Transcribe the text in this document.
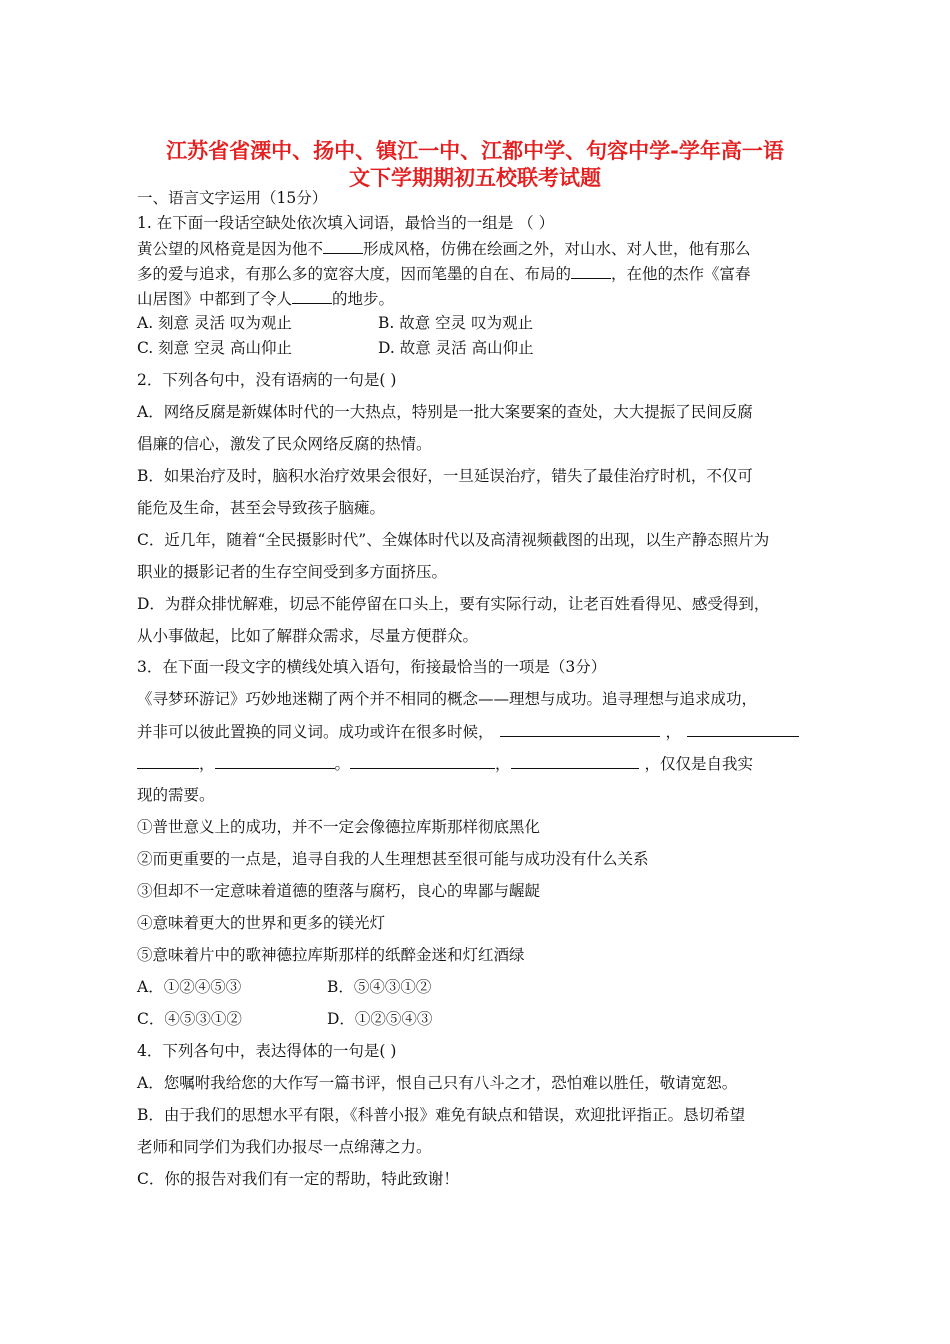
江苏省省溧中、扬中、镇江一中、江都中学、句容中学-学年高一语
文下学期期初五校联考试题
一、语言文字运用（15分）
1. 在下面一段话空缺处依次填入词语，最恰当的一组是 （ ）
黄公望的风格竟是因为他不	形成风格，仿佛在绘画之外，对山水、对人世，他有那么
多的爱与追求，有那么多的宽容大度，因而笔墨的自在、布局的	，在他的杰作《富春
山居图》中都到了令人	的地步。
A. 刻意 灵活 叹为观止	B. 故意 空灵 叹为观止
C. 刻意 空灵 高山仰止	D. 故意 灵活 高山仰止
2．下列各句中，没有语病的一句是( )
A．网络反腐是新媒体时代的一大热点，特别是一批大案要案的查处，大大提振了民间反腐
倡廉的信心，激发了民众网络反腐的热情。
B．如果治疗及时，脑积水治疗效果会很好，一旦延误治疗，错失了最佳治疗时机，不仅可
能危及生命，甚至会导致孩子脑瘫。
C．近几年，随着“全民摄影时代”、全媒体时代以及高清视频截图的出现，以生产静态照片为
职业的摄影记者的生存空间受到多方面挤压。
D．为群众排忧解难，切忌不能停留在口头上，要有实际行动，让老百姓看得见、感受得到，
从小事做起，比如了解群众需求，尽量方便群众。
3．在下面一段文字的横线处填入语句，衔接最恰当的一项是（3分）
《寻梦环游记》巧妙地迷糊了两个并不相同的概念——理想与成功。追寻理想与追求成功，
并非可以彼此置换的同义词。成功或许在很多时候，	，
，	。	，	，仅仅是自我实
现的需要。
①普世意义上的成功，并不一定会像德拉库斯那样彻底黑化
②而更重要的一点是，追寻自我的人生理想甚至很可能与成功没有什么关系
③但却不一定意味着道德的堕落与腐朽，良心的卑鄙与龌龊
④意味着更大的世界和更多的镁光灯
⑤意味着片中的歌神德拉库斯那样的纸醉金迷和灯红酒绿
A．①②④⑤③	B．⑤④③①②
C．④⑤③①②	D．①②⑤④③
4．下列各句中，表达得体的一句是( )
A．您嘱咐我给您的大作写一篇书评，恨自己只有八斗之才，恐怕难以胜任，敬请宽恕。
B．由于我们的思想水平有限，《科普小报》难免有缺点和错误，欢迎批评指正。恳切希望
老师和同学们为我们办报尽一点绵薄之力。
C．你的报告对我们有一定的帮助，特此致谢！
